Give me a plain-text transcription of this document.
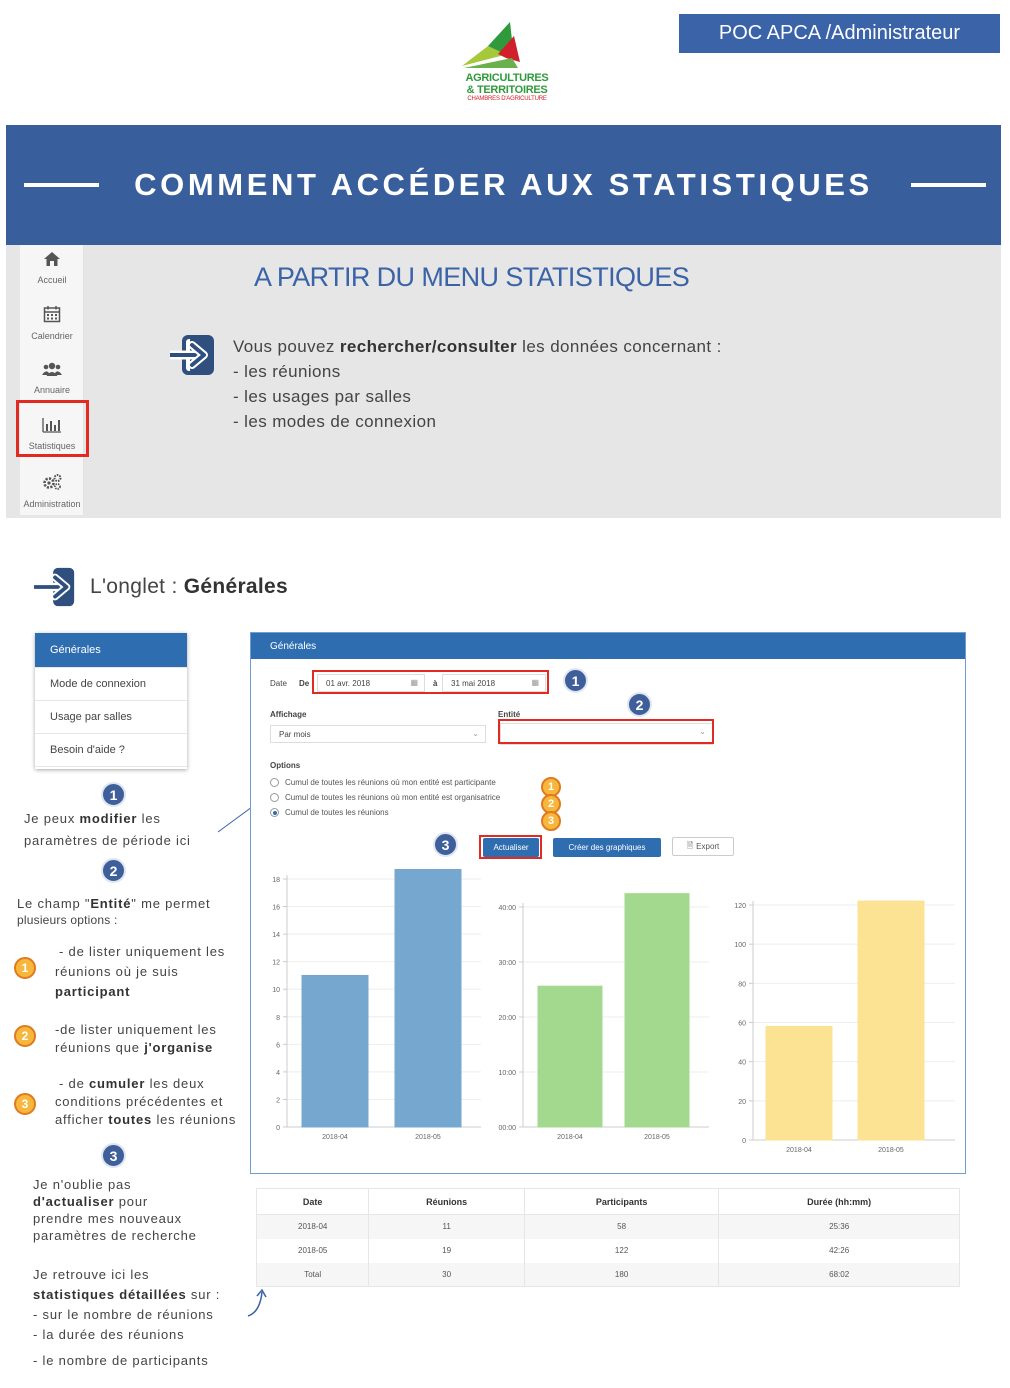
AGRICULTURES
& TERRITOIRES
CHAMBRES D'AGRICULTURE
POC APCA /Administrateur
COMMENT ACCÉDER AUX STATISTIQUES
Accueil
Calendrier
Annuaire
Statistiques
Administration
A PARTIR DU MENU STATISTIQUES
Vous pouvez rechercher/consulter les données concernant :
- les réunions
- les usages par salles
- les modes de connexion
L'onglet : Générales
Générales
Mode de connexion
Usage par salles
Besoin d'aide ?
1
Je peux modifier les
paramètres de période ici
2
Le champ "Entité" me permet
plusieurs options :
1
- de lister uniquement les
réunions où je suis
participant
2	-de lister uniquement les
réunions que j'organise
3
- de cumuler les deux
conditions précédentes et
afficher toutes les réunions
3
Je n'oublie pas
d'actualiser pour
prendre mes nouveaux
paramètres de recherche
Je retrouve ici les
statistiques détaillées sur :
- sur le nombre de réunions
- la durée des réunions
- le nombre de participants
Générales
Date De 01 avr. 2018	▦ à 31 mai 2018	▦
Affichage
Par mois	⌄
Entité
⌄
Options
Cumul de toutes les réunions où mon entité est participante
Cumul de toutes les réunions où mon entité est organisatrice
Cumul de toutes les réunions
Actualiser	Créer des graphiques	🗎 Export
0
2
4
6
8
10
12
14
16
18
2018-04	2018-05
00:00
10:00
20:00
30:00
40:00
2018-04	2018-05
0
20
40
60
80
100
120
2018-04	2018-05
1
2
3
1
2
3
Date	Réunions	Participants	Durée (hh:mm)
2018-04	11	58	25:36
2018-05	19	122	42:26
Total	30	180	68:02
